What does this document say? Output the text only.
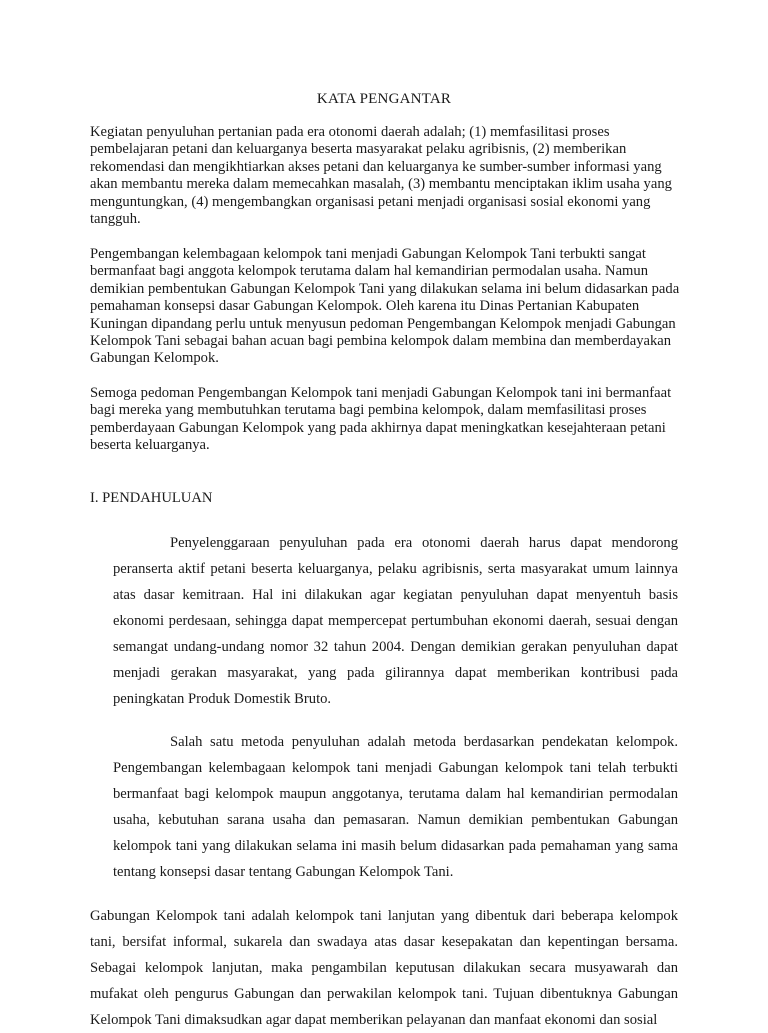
KATA PENGANTAR

Kegiatan penyuluhan pertanian pada era otonomi daerah adalah; (1) memfasilitasi proses pembelajaran petani dan keluarganya beserta masyarakat pelaku agribisnis, (2) memberikan rekomendasi dan mengikhtiarkan akses petani dan keluarganya ke sumber-sumber informasi yang akan membantu mereka dalam memecahkan masalah, (3) membantu menciptakan iklim usaha yang menguntungkan, (4) mengembangkan organisasi petani menjadi organisasi sosial ekonomi yang tangguh.

Pengembangan kelembagaan kelompok tani menjadi Gabungan Kelompok Tani terbukti sangat bermanfaat bagi anggota kelompok terutama dalam hal kemandirian permodalan usaha. Namun demikian pembentukan Gabungan Kelompok Tani yang dilakukan selama ini belum didasarkan pada pemahaman konsepsi dasar Gabungan Kelompok. Oleh karena itu Dinas Pertanian Kabupaten Kuningan dipandang perlu untuk menyusun pedoman Pengembangan Kelompok menjadi Gabungan Kelompok Tani sebagai bahan acuan bagi pembina kelompok dalam membina dan memberdayakan Gabungan Kelompok.

Semoga pedoman Pengembangan Kelompok tani menjadi Gabungan Kelompok tani ini bermanfaat bagi mereka yang membutuhkan terutama bagi pembina kelompok, dalam memfasilitasi proses pemberdayaan Gabungan Kelompok yang pada akhirnya dapat meningkatkan kesejahteraan petani beserta keluarganya.

I. PENDAHULUAN

Penyelenggaraan penyuluhan pada era otonomi daerah harus dapat mendorong peranserta aktif petani beserta keluarganya, pelaku agribisnis, serta masyarakat umum lainnya atas dasar kemitraan. Hal ini dilakukan agar kegiatan penyuluhan dapat menyentuh basis ekonomi perdesaan, sehingga dapat mempercepat pertumbuhan ekonomi daerah, sesuai dengan semangat undang-undang nomor 32 tahun 2004. Dengan demikian gerakan penyuluhan dapat menjadi gerakan masyarakat, yang pada gilirannya dapat memberikan kontribusi pada peningkatan Produk Domestik Bruto.

Salah satu metoda penyuluhan adalah metoda berdasarkan pendekatan kelompok. Pengembangan kelembagaan kelompok tani menjadi Gabungan kelompok tani telah terbukti bermanfaat bagi kelompok maupun anggotanya, terutama dalam hal kemandirian permodalan usaha, kebutuhan sarana usaha dan pemasaran. Namun demikian pembentukan Gabungan kelompok tani yang dilakukan selama ini masih belum didasarkan pada pemahaman yang sama tentang konsepsi dasar tentang Gabungan Kelompok Tani.

Gabungan Kelompok tani adalah kelompok tani lanjutan yang dibentuk dari beberapa kelompok tani, bersifat informal, sukarela dan swadaya atas dasar kesepakatan dan kepentingan bersama. Sebagai kelompok lanjutan, maka pengambilan keputusan dilakukan secara musyawarah dan mufakat oleh pengurus Gabungan dan perwakilan kelompok tani. Tujuan dibentuknya Gabungan Kelompok Tani dimaksudkan agar dapat memberikan pelayanan dan manfaat ekonomi dan sosial
